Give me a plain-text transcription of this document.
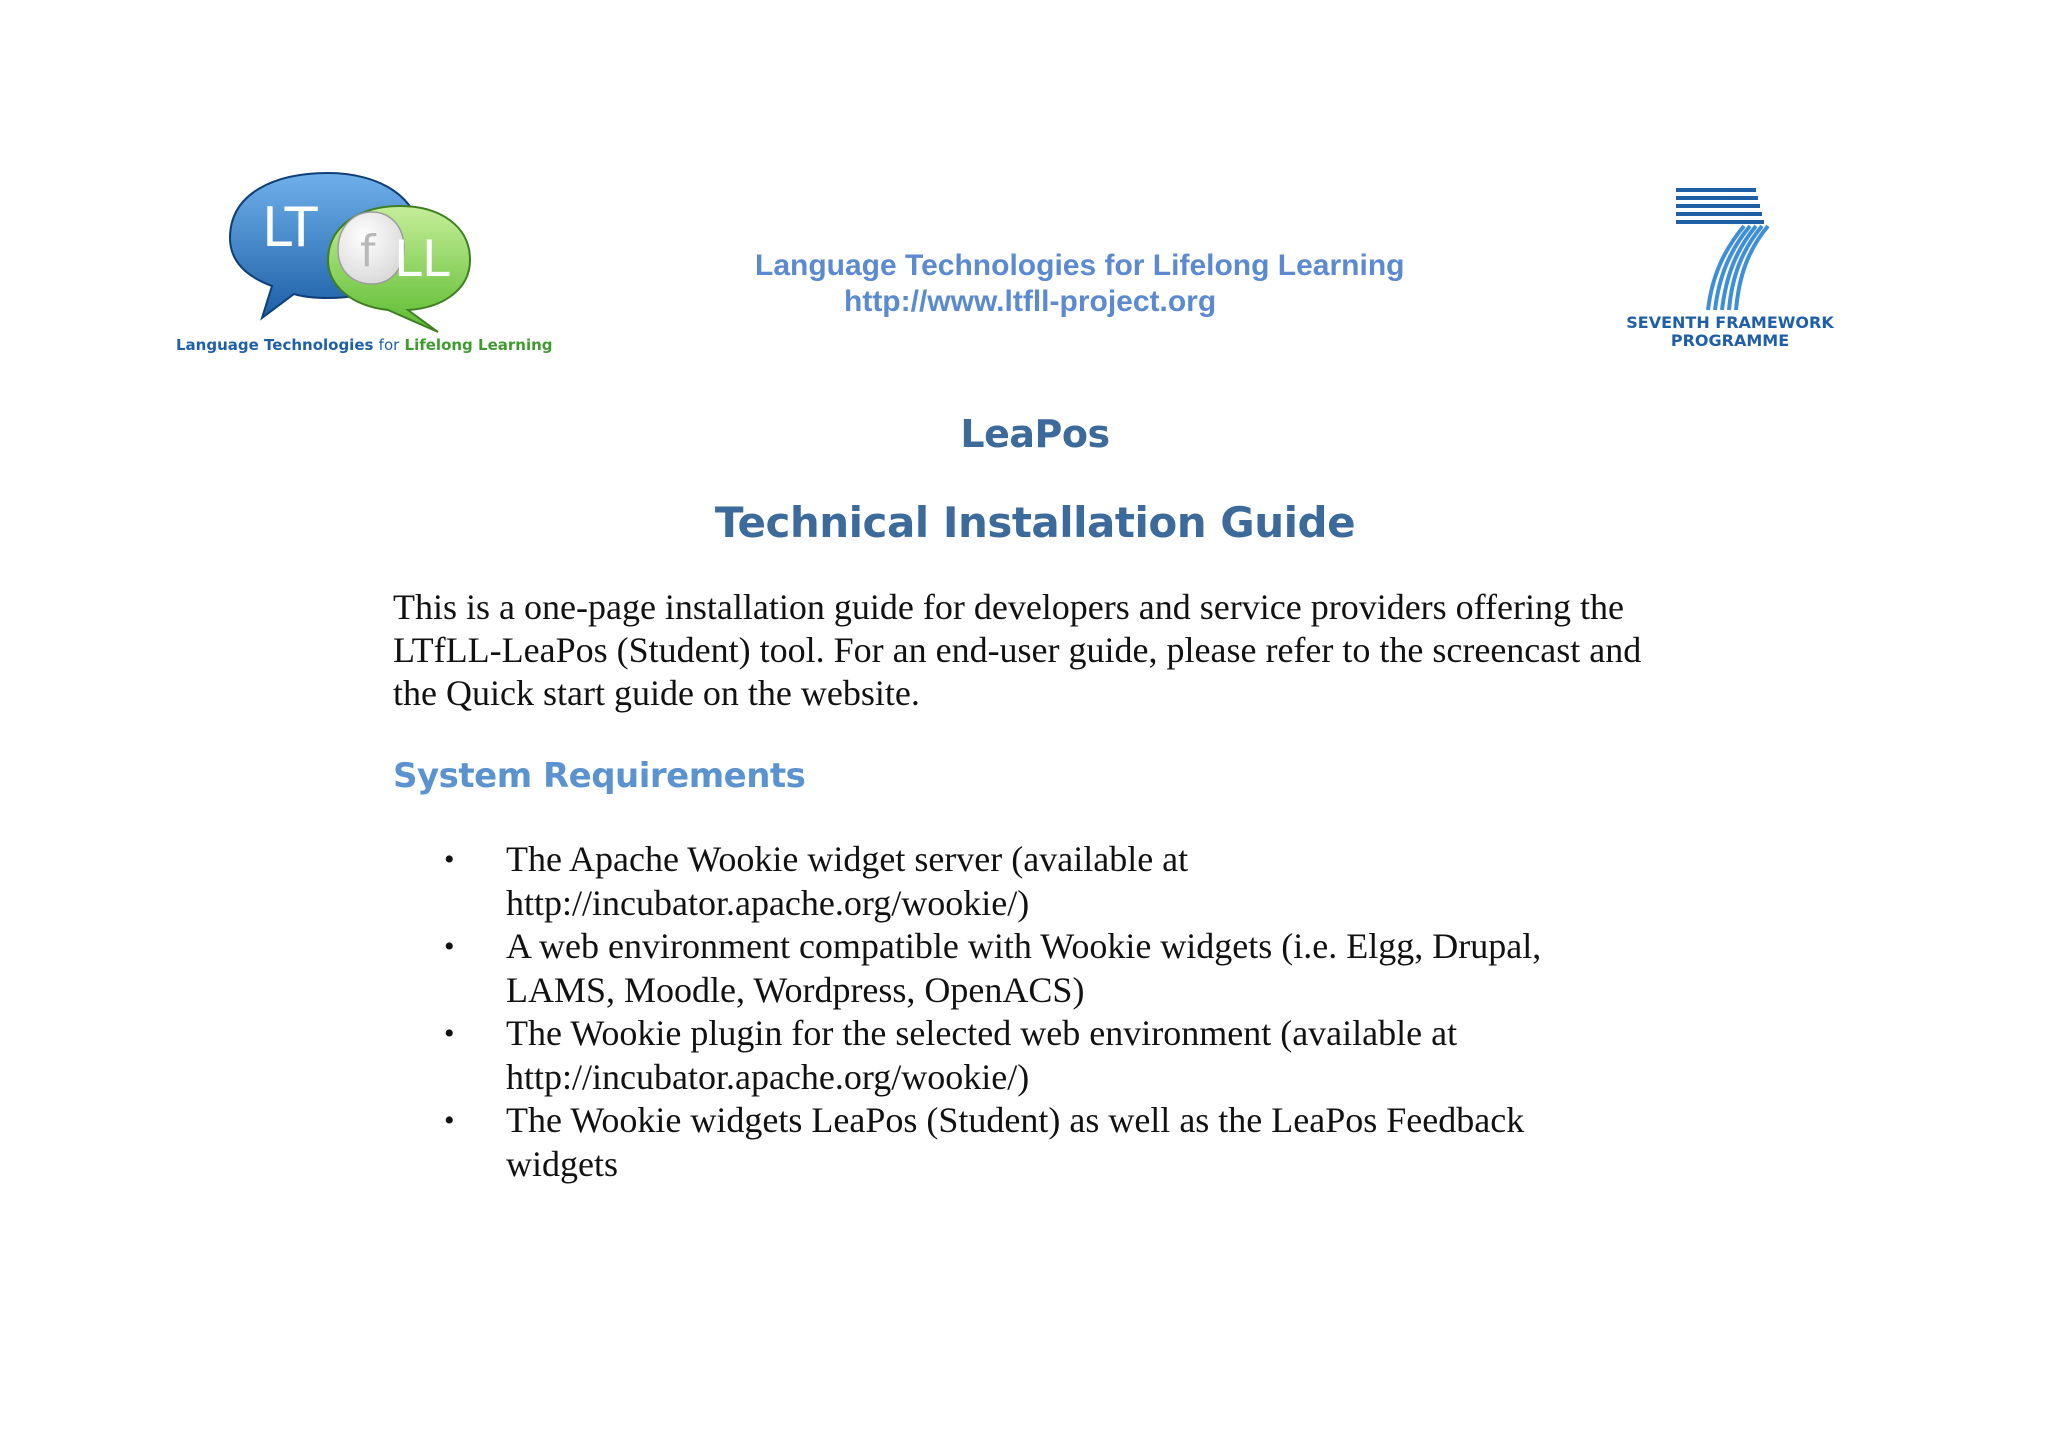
LT f LL
Language Technologies for Lifelong Learning
Language Technologies for Lifelong Learning
http://www.ltfll-project.org
SEVENTH FRAMEWORK
PROGRAMME
LeaPos
Technical Installation Guide
This is a one-page installation guide for developers and service providers offering the LTfLL-LeaPos (Student) tool. For an end-user guide, please refer to the screencast and the Quick start guide on the website.
System Requirements
• The Apache Wookie widget server (available at
http://incubator.apache.org/wookie/)
• A web environment compatible with Wookie widgets (i.e. Elgg, Drupal,
LAMS, Moodle, Wordpress, OpenACS)
• The Wookie plugin for the selected web environment (available at
http://incubator.apache.org/wookie/)
• The Wookie widgets LeaPos (Student) as well as the LeaPos Feedback
widgets
